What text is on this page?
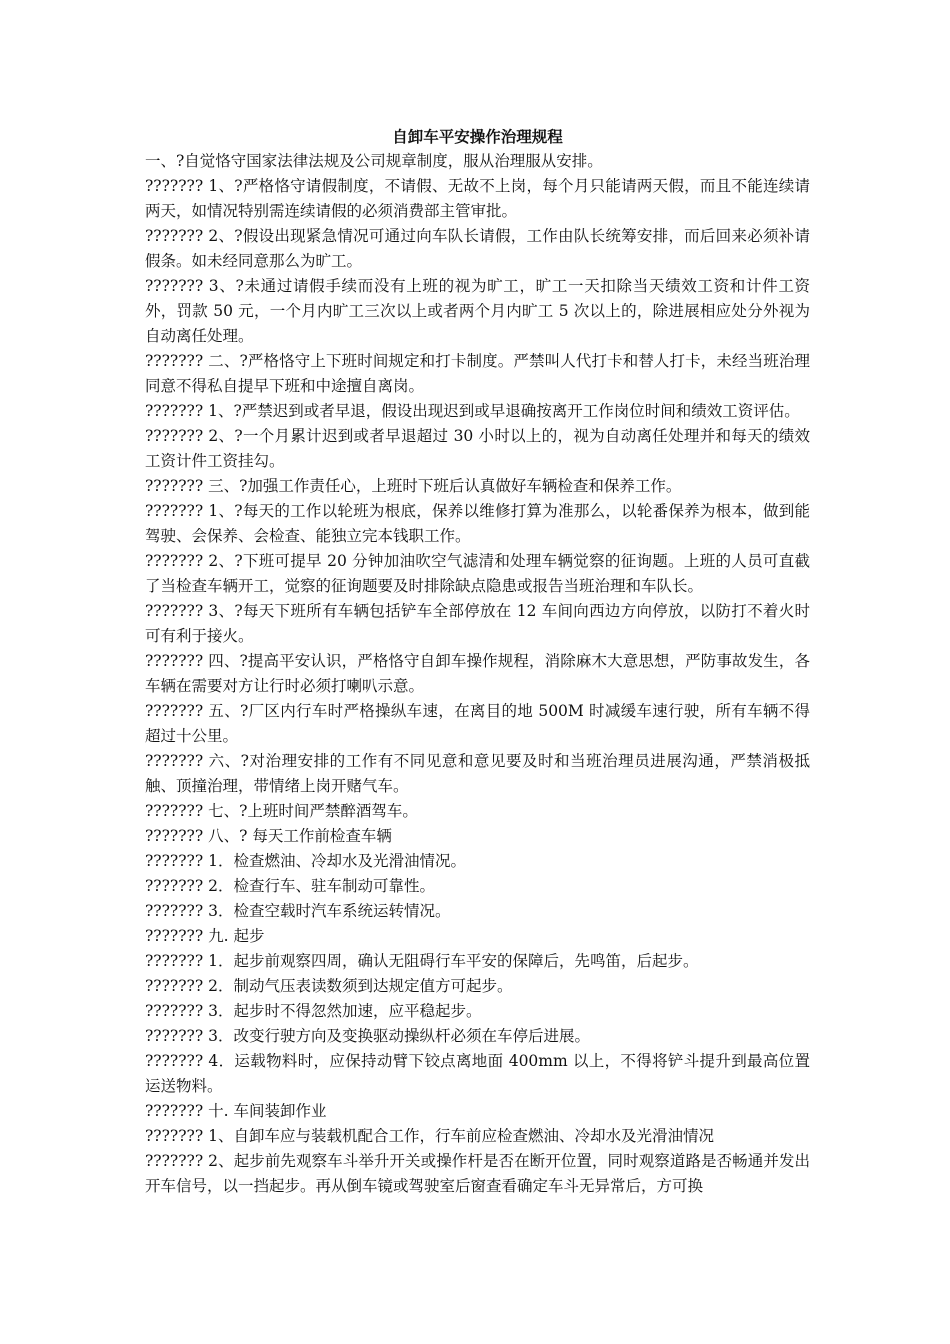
自卸车平安操作治理规程

一、?自觉恪守国家法律法规及公司规章制度，服从治理服从安排。

??????? 1、?严格恪守请假制度，不请假、无故不上岗，每个月只能请两天假，而且不能连续请两天，如情况特别需连续请假的必须消费部主管审批。

??????? 2、?假设出现紧急情况可通过向车队长请假，工作由队长统筹安排，而后回来必须补请假条。如未经同意那么为旷工。

??????? 3、?未通过请假手续而没有上班的视为旷工，旷工一天扣除当天绩效工资和计件工资外，罚款 50 元，一个月内旷工三次以上或者两个月内旷工 5 次以上的，除进展相应处分外视为自动离任处理。

??????? 二、?严格恪守上下班时间规定和打卡制度。严禁叫人代打卡和替人打卡，未经当班治理同意不得私自提早下班和中途擅自离岗。

??????? 1、?严禁迟到或者早退，假设出现迟到或早退确按离开工作岗位时间和绩效工资评估。

??????? 2、?一个月累计迟到或者早退超过 30 小时以上的，视为自动离任处理并和每天的绩效工资计件工资挂勾。

??????? 三、?加强工作责任心，上班时下班后认真做好车辆检查和保养工作。

??????? 1、?每天的工作以轮班为根底，保养以维修打算为准那么，以轮番保养为根本，做到能驾驶、会保养、会检查、能独立完本钱职工作。

??????? 2、?下班可提早 20 分钟加油吹空气滤清和处理车辆觉察的征询题。上班的人员可直截了当检查车辆开工，觉察的征询题要及时排除缺点隐患或报告当班治理和车队长。

??????? 3、?每天下班所有车辆包括铲车全部停放在 12 车间向西边方向停放，以防打不着火时可有利于接火。

??????? 四、?提高平安认识，严格恪守自卸车操作规程，消除麻木大意思想，严防事故发生，各车辆在需要对方让行时必须打喇叭示意。

??????? 五、?厂区内行车时严格操纵车速，在离目的地 500M 时减缓车速行驶，所有车辆不得超过十公里。

??????? 六、?对治理安排的工作有不同见意和意见要及时和当班治理员进展沟通，严禁消极抵触、顶撞治理，带情绪上岗开赌气车。

??????? 七、?上班时间严禁醉酒驾车。

??????? 八、? 每天工作前检查车辆

??????? 1．检查燃油、冷却水及光滑油情况。

??????? 2．检查行车、驻车制动可靠性。

??????? 3．检查空载时汽车系统运转情况。

??????? 九. 起步

??????? 1．起步前观察四周，确认无阻碍行车平安的保障后，先鸣笛，后起步。

??????? 2．制动气压表读数须到达规定值方可起步。

??????? 3．起步时不得忽然加速，应平稳起步。

??????? 3．改变行驶方向及变换驱动操纵杆必须在车停后进展。

??????? 4．运载物料时，应保持动臂下铰点离地面 400mm 以上，不得将铲斗提升到最高位置运送物料。

??????? 十. 车间装卸作业

??????? 1、自卸车应与装载机配合工作，行车前应检查燃油、冷却水及光滑油情况

??????? 2、起步前先观察车斗举升开关或操作杆是否在断开位置，同时观察道路是否畅通并发出开车信号，以一挡起步。再从倒车镜或驾驶室后窗查看确定车斗无异常后，方可换
